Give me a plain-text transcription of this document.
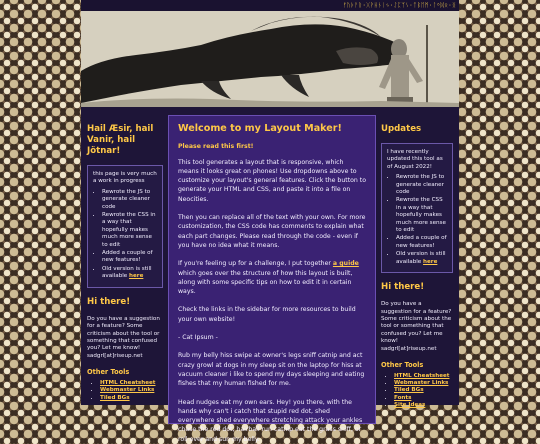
ᚠᚢᚦᚨᚱ·ᚷᚹᚺᚾᛁᛃ·ᛇᛈᛉᛊ·ᛏᛒᛖᛗ·ᛚᛜᛞᛟ·ᛝ
Hail Æsir, hail Vanir, hail Jötnar!

this page is very much a work in progress

• Rewrote the JS to generate cleaner code
• Rewrote the CSS in a way that hopefully makes much more sense to edit
• Added a couple of new features!
• Old version is still available here
Hi there!

Do you have a suggestion for a feature? Some criticism about the tool or something that confused you? Let me know! sadgrl[at]riseup.net

Other Tools
• HTML Cheatsheet
• Webmaster Links
• Tiled BGs
Welcome to my Layout Maker!
Please read this first!

This tool generates a layout that is responsive, which means it looks great on phones! Use dropdowns above to customize your layout's general features. Click the button to generate your HTML and CSS, and paste it into a file on Neocities.

Then you can replace all of the text with your own. For more customization, the CSS code has comments to explain what each part changes. Please read through the code - even if you have no idea what it means.

If you're feeling up for a challenge, I put together a guide which goes over the structure of how this layout is built, along with some specific tips on how to edit it in certain ways.

Check the links in the sidebar for more resources to build your own website!

- Cat Ipsum -

Rub my belly hiss swipe at owner's legs sniff catnip and act crazy growl at dogs in my sleep sit on the laptop for hiss at vacuum cleaner i like to spend my days sleeping and eating fishes that my human fished for me.

Head nudges eat my own ears. Hey! you there, with the hands why can't i catch that stupid red dot, shed everywhere shed everywhere stretching attack your ankles chase the red dot, hairball run catnip eat the grass sniff, or roll over and sun my belly.

Updates

I have recently updated this tool as of August 2022!

• Rewrote the JS to generate cleaner code
• Rewrote the CSS in a way that hopefully makes much more sense to edit
• Added a couple of new features!
• Old version is still available here
Hi there!

Do you have a suggestion for a feature? Some criticism about the tool or something that confused you? Let me know! sadgrl[at]riseup.net

Other Tools
• HTML Cheatsheet
• Webmaster Links
• Tiled BGs
• Fonts
• Site Ideas
